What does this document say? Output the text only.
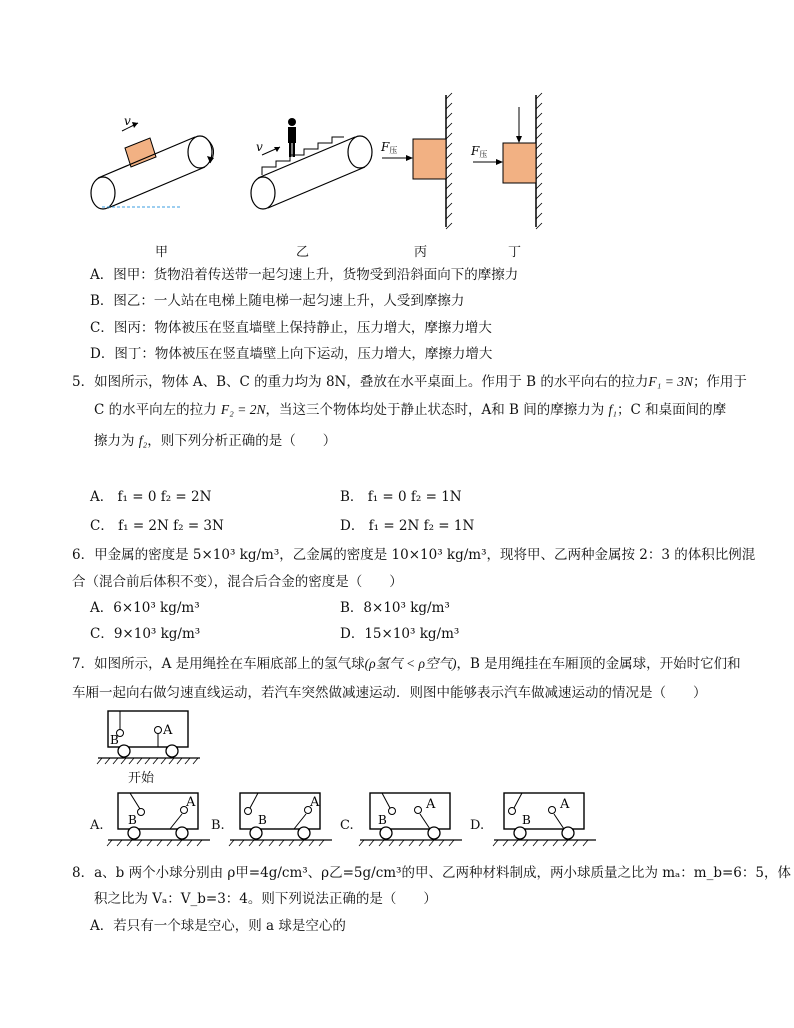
v
v	F压	F压
甲	乙	丙	丁
A．图甲：货物沿着传送带一起匀速上升，货物受到沿斜面向下的摩擦力
B．图乙：一人站在电梯上随电梯一起匀速上升，人受到摩擦力
C．图丙：物体被压在竖直墙壁上保持静止，压力增大，摩擦力增大
D．图丁：物体被压在竖直墙壁上向下运动，压力增大，摩擦力增大
5．如图所示，物体 A、B、C 的重力均为 8N，叠放在水平桌面上。作用于 B 的水平向右的拉力F₁ = 3N；作用于
C 的水平向左的拉力 F₂ = 2N，当这三个物体均处于静止状态时，A和 B 间的摩擦力为 f₁；C 和桌面间的摩
擦力为 f₂，则下列分析正确的是（　　）
A． f₁ = 0 f₂ = 2N	B． f₁ = 0 f₂ = 1N
C． f₁ = 2N f₂ = 3N	D． f₁ = 2N f₂ = 1N
6．甲金属的密度是 5×10³ kg/m³，乙金属的密度是 10×10³ kg/m³，现将甲、乙两种金属按 2：3 的体积比例混
合（混合前后体积不变），混合后合金的密度是（　　）
A．6×10³ kg/m³	B．8×10³ kg/m³
C．9×10³ kg/m³	D．15×10³ kg/m³
7．如图所示，A 是用绳拴在车厢底部上的氢气球(ρ氢气 < ρ空气)，B 是用绳挂在车厢顶的金属球，开始时它们和
车厢一起向右做匀速直线运动，若汽车突然做减速运动．则图中能够表示汽车做减速运动的情况是（　　）
B
A
开始
A. B
A
B.	B
A
C. B
A
D.	B
A
8．a、b 两个小球分别由 ρ甲=4g/cm³、ρ乙=5g/cm³的甲、乙两种材料制成，两小球质量之比为 mₐ：m_b=6：5，体
积之比为 Vₐ：V_b=3：4。则下列说法正确的是（　　）
A．若只有一个球是空心，则 a 球是空心的
